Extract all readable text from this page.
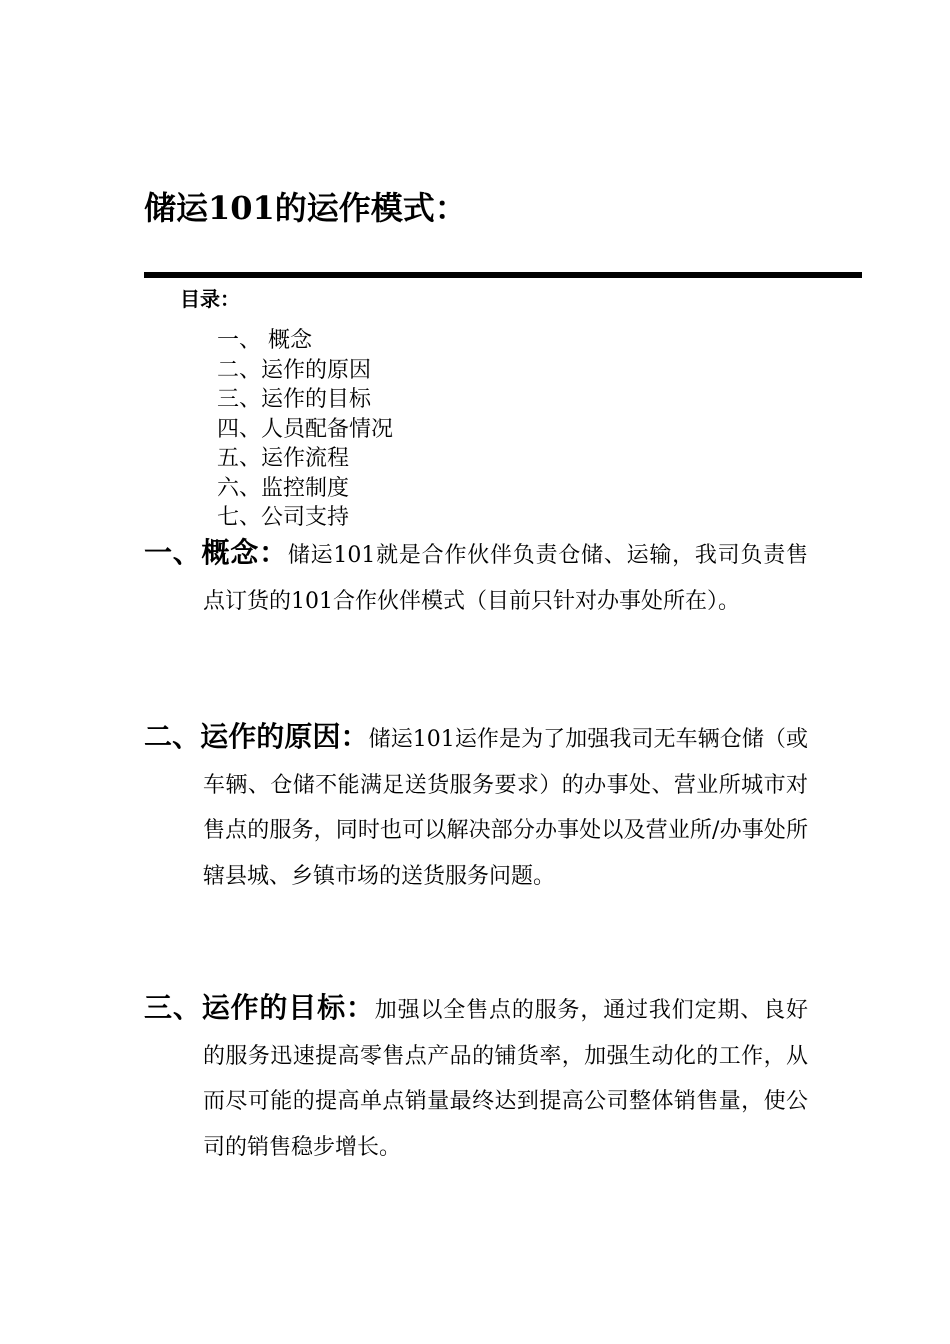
储运101的运作模式：
目录：
一、 概念
二、运作的原因
三、运作的目标
四、人员配备情况
五、运作流程
六、监控制度
七、公司支持

一、概念：储运101就是合作伙伴负责仓储、运输，我司负责售点订货的101合作伙伴模式（目前只针对办事处所在）。

二、运作的原因：储运101运作是为了加强我司无车辆仓储（或车辆、仓储不能满足送货服务要求）的办事处、营业所城市对售点的服务，同时也可以解决部分办事处以及营业所/办事处所辖县城、乡镇市场的送货服务问题。

三、运作的目标：加强以全售点的服务，通过我们定期、良好的服务迅速提高零售点产品的铺货率，加强生动化的工作，从而尽可能的提高单点销量最终达到提高公司整体销售量，使公司的销售稳步增长。
